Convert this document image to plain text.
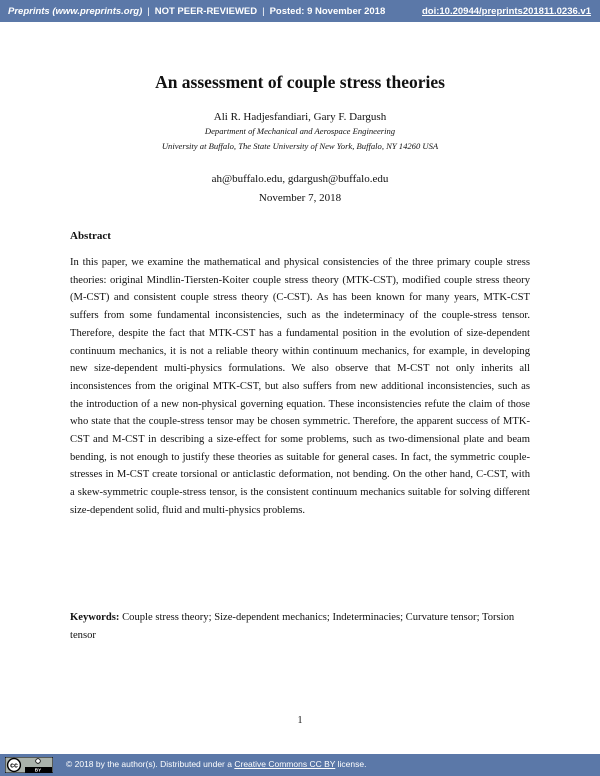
Preprints (www.preprints.org) | NOT PEER-REVIEWED | Posted: 9 November 2018	doi:10.20944/preprints201811.0236.v1
An assessment of couple stress theories
Ali R. Hadjesfandiari, Gary F. Dargush
Department of Mechanical and Aerospace Engineering
University at Buffalo, The State University of New York, Buffalo, NY 14260 USA
ah@buffalo.edu, gdargush@buffalo.edu
November 7, 2018
Abstract
In this paper, we examine the mathematical and physical consistencies of the three primary couple stress theories: original Mindlin-Tiersten-Koiter couple stress theory (MTK-CST), modified couple stress theory (M-CST) and consistent couple stress theory (C-CST). As has been known for many years, MTK-CST suffers from some fundamental inconsistencies, such as the indeterminacy of the couple-stress tensor. Therefore, despite the fact that MTK-CST has a fundamental position in the evolution of size-dependent continuum mechanics, it is not a reliable theory within continuum mechanics, for example, in developing new size-dependent multi-physics formulations. We also observe that M-CST not only inherits all inconsistences from the original MTK-CST, but also suffers from new additional inconsistencies, such as the introduction of a new non-physical governing equation. These inconsistencies refute the claim of those who state that the couple-stress tensor may be chosen symmetric. Therefore, the apparent success of MTK-CST and M-CST in describing a size-effect for some problems, such as two-dimensional plate and beam bending, is not enough to justify these theories as suitable for general cases. In fact, the symmetric couple-stresses in M-CST create torsional or anticlastic deformation, not bending. On the other hand, C-CST, with a skew-symmetric couple-stress tensor, is the consistent continuum mechanics suitable for solving different size-dependent solid, fluid and multi-physics problems.
Keywords: Couple stress theory; Size-dependent mechanics; Indeterminacies; Curvature tensor; Torsion tensor
1
cc
BY
© 2018 by the author(s). Distributed under a Creative Commons CC BY license.
